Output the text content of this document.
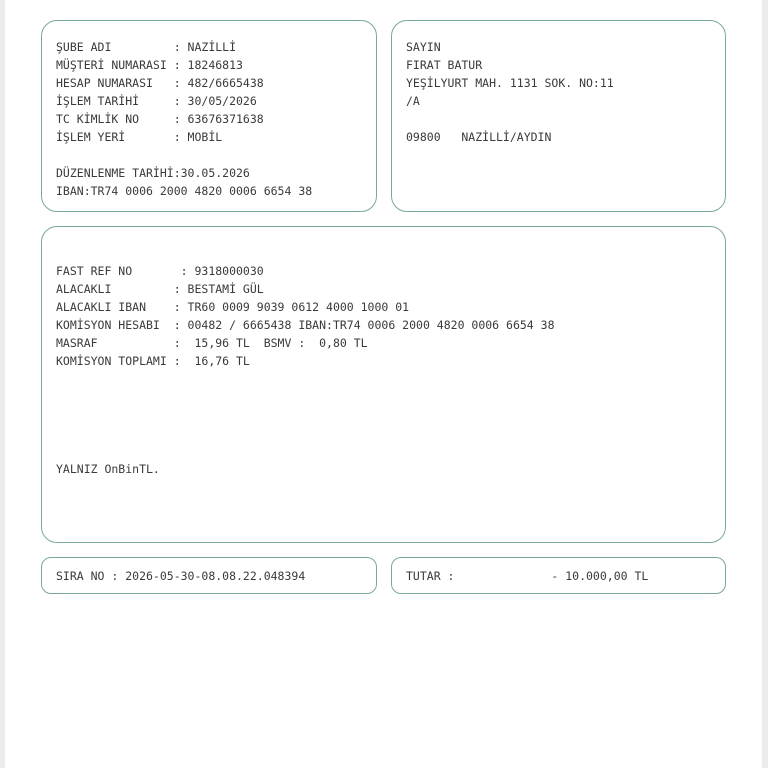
ŞUBE ADI         : NAZİLLİ
MÜŞTERİ NUMARASI : 18246813
HESAP NUMARASI   : 482/6665438
İŞLEM TARİHİ     : 30/05/2026
TC KİMLİK NO     : 63676371638
İŞLEM YERİ       : MOBİL
DÜZENLENME TARİHİ:30.05.2026
IBAN:TR74 0006 2000 4820 0006 6654 38
SAYIN
FIRAT BATUR
YEŞİLYURT MAH. 1131 SOK. NO:11
/A
09800   NAZİLLİ/AYDIN
FAST REF NO       : 9318000030
ALACAKLI         : BESTAMİ GÜL
ALACAKLI IBAN    : TR60 0009 9039 0612 4000 1000 01
KOMİSYON HESABI  : 00482 / 6665438 IBAN:TR74 0006 2000 4820 0006 6654 38
MASRAF           :  15,96 TL  BSMV :  0,80 TL
KOMİSYON TOPLAMI :  16,76 TL
YALNIZ OnBinTL.
SIRA NO : 2026-05-30-08.08.22.048394	TUTAR :              - 10.000,00 TL
